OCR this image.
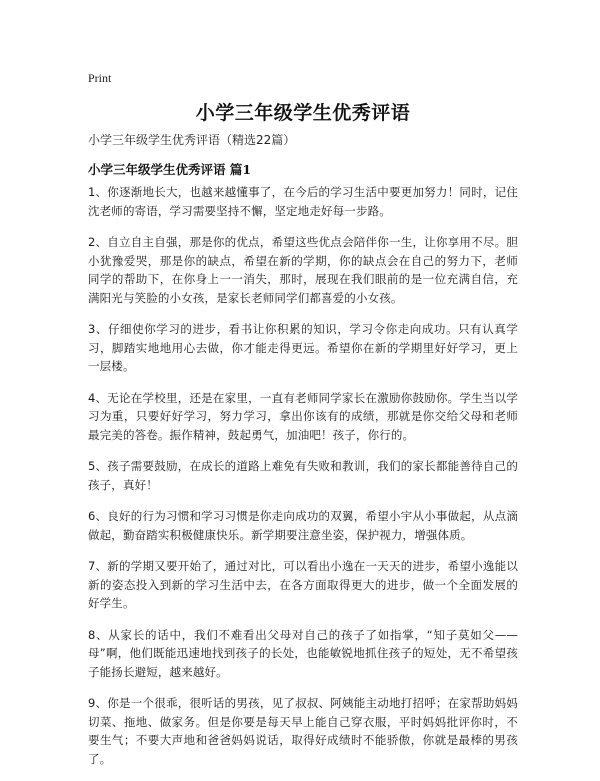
Print
小学三年级学生优秀评语

小学三年级学生优秀评语（精选22篇）

小学三年级学生优秀评语 篇1

1、你逐渐地长大，也越来越懂事了，在今后的学习生活中要更加努力！同时，记住沈老师的寄语，学习需要坚持不懈，坚定地走好每一步路。

2、自立自主自强，那是你的优点，希望这些优点会陪伴你一生，让你享用不尽。胆小犹豫爱哭，那是你的缺点，希望在新的学期，你的缺点会在自己的努力下，老师同学的帮助下，在你身上一一消失，那时，展现在我们眼前的是一位充满自信，充满阳光与笑脸的小女孩，是家长老师同学们都喜爱的小女孩。

3、仔细使你学习的进步，看书让你积累的知识，学习令你走向成功。只有认真学习，脚踏实地地用心去做，你才能走得更远。希望你在新的学期里好好学习，更上一层楼。

4、无论在学校里，还是在家里，一直有老师同学家长在激励你鼓励你。学生当以学习为重，只要好好学习，努力学习，拿出你该有的成绩，那就是你交给父母和老师最完美的答卷。振作精神，鼓起勇气，加油吧！孩子，你行的。

5、孩子需要鼓励，在成长的道路上难免有失败和教训，我们的家长都能善待自己的孩子，真好！

6、良好的行为习惯和学习习惯是你走向成功的双翼，希望小宇从小事做起，从点滴做起，勤奋踏实积极健康快乐。新学期要注意坐姿，保护视力，增强体质。

7、新的学期又要开始了，通过对比，可以看出小逸在一天天的进步，希望小逸能以新的姿态投入到新的学习生活中去，在各方面取得更大的进步，做一个全面发展的好学生。

8、从家长的话中，我们不难看出父母对自己的孩子了如指掌，“知子莫如父——母”啊，他们既能迅速地找到孩子的长处，也能敏锐地抓住孩子的短处，无不希望孩子能扬长避短，越来越好。

9、你是一个很乖，很听话的男孩，见了叔叔、阿姨能主动地打招呼；在家帮助妈妈切菜、拖地、做家务。但是你要是每天早上能自己穿衣服，平时妈妈批评你时，不要生气；不要大声地和爸爸妈妈说话，取得好成绩时不能骄傲，你就是最棒的男孩了。
